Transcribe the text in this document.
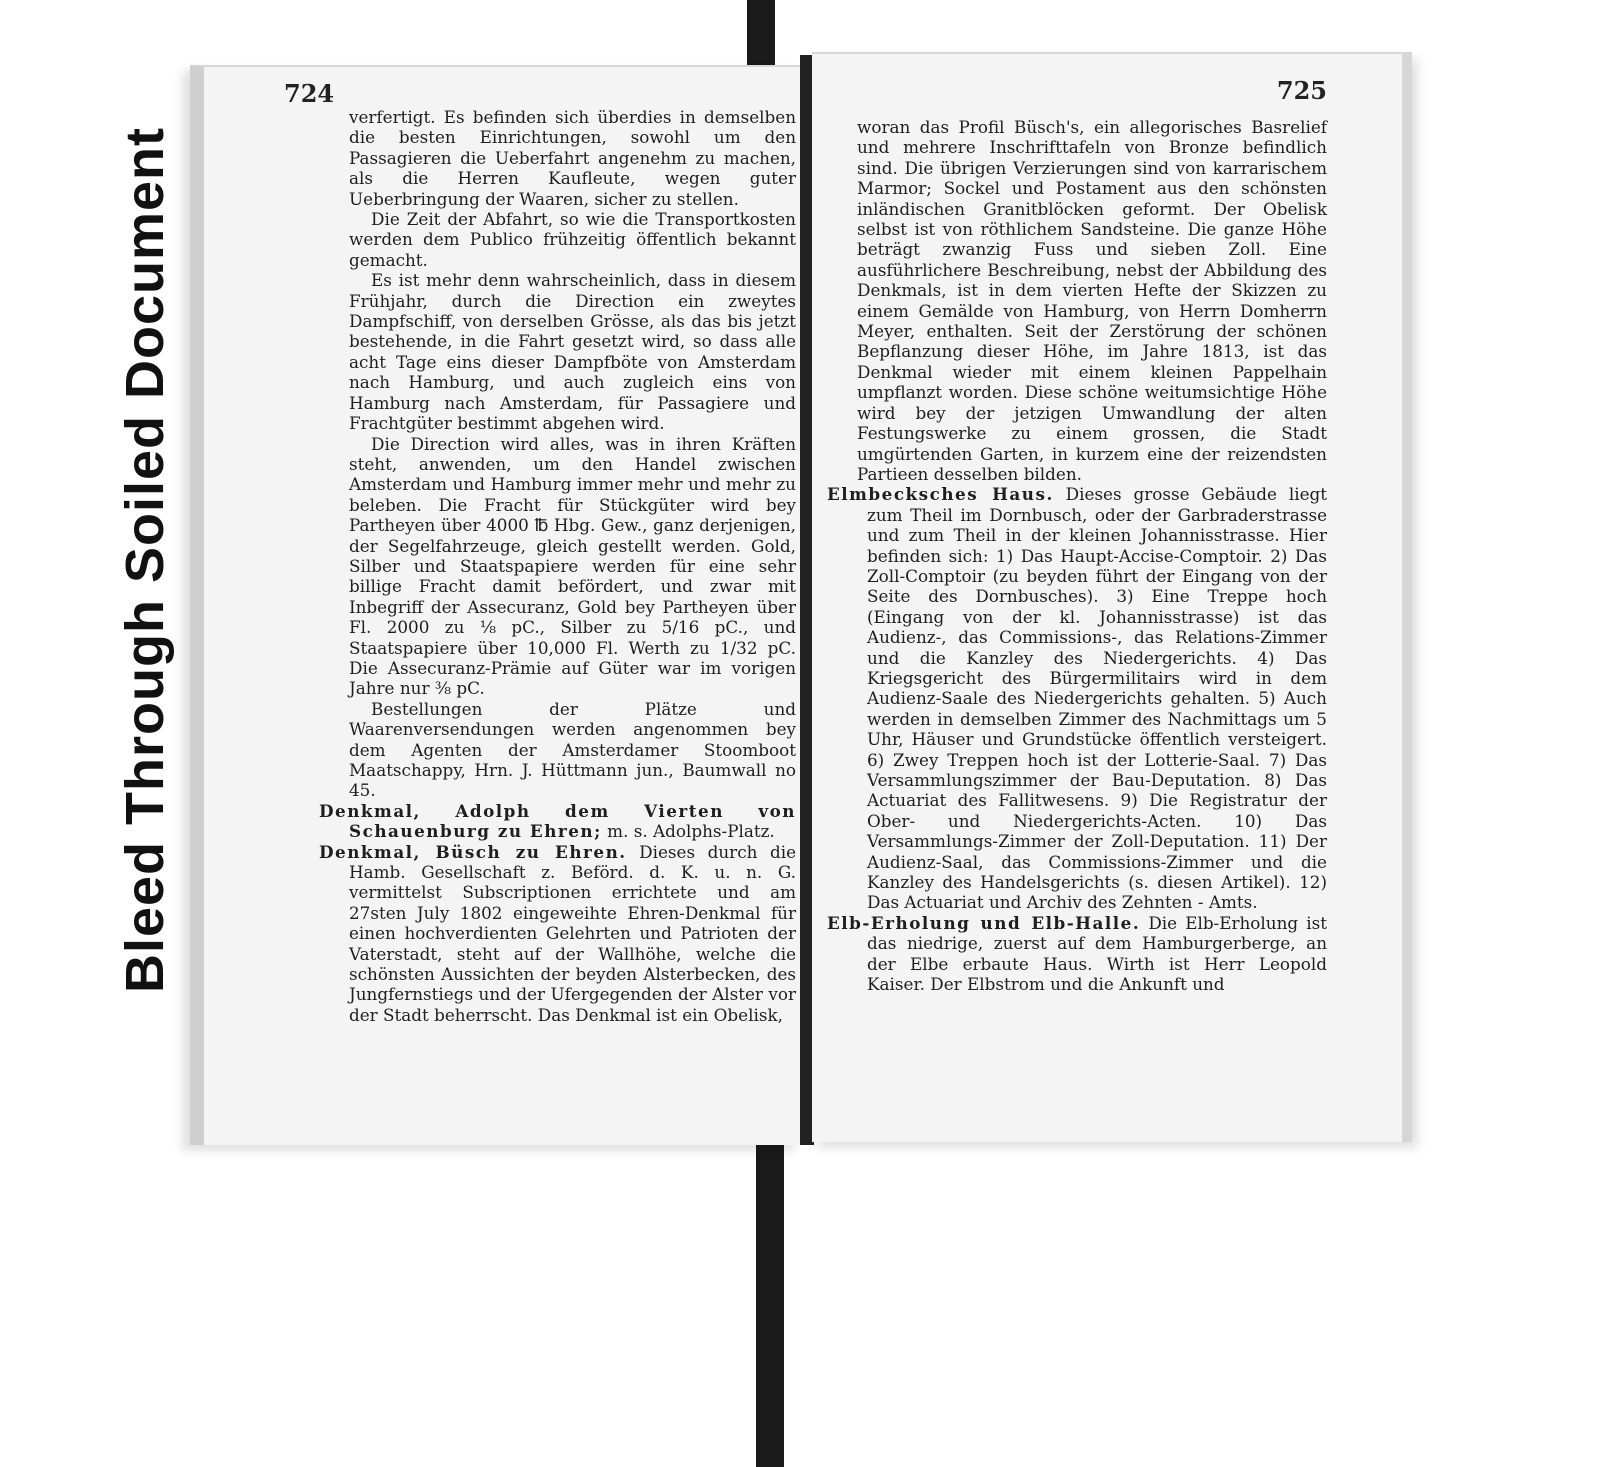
Bleed Through Soiled Document
724

verfertigt. Es befinden sich überdies in demselben die besten Einrichtungen, sowohl um den Passagieren die Ueberfahrt angenehm zu machen, als die Herren Kaufleute, wegen guter Ueberbringung der Waaren, sicher zu stellen.

Die Zeit der Abfahrt, so wie die Transportkosten werden dem Publico frühzeitig öffentlich bekannt gemacht.

Es ist mehr denn wahrscheinlich, dass in diesem Frühjahr, durch die Direction ein zweytes Dampfschiff, von derselben Grösse, als das bis jetzt bestehende, in die Fahrt gesetzt wird, so dass alle acht Tage eins dieser Dampfböte von Amsterdam nach Hamburg, und auch zugleich eins von Hamburg nach Amsterdam, für Passagiere und Frachtgüter bestimmt abgehen wird.

Die Direction wird alles, was in ihren Kräften steht, anwenden, um den Handel zwischen Amsterdam und Hamburg immer mehr und mehr zu beleben. Die Fracht für Stückgüter wird bey Partheyen über 4000 ℔ Hbg. Gew., ganz derjenigen, der Segelfahrzeuge, gleich gestellt werden. Gold, Silber und Staatspapiere werden für eine sehr billige Fracht damit befördert, und zwar mit Inbegriff der Assecuranz, Gold bey Partheyen über Fl. 2000 zu ⅛ pC., Silber zu 5/16 pC., und Staatspapiere über 10,000 Fl. Werth zu 1/32 pC. Die Assecuranz-Prämie auf Güter war im vorigen Jahre nur ⅜ pC.

Bestellungen der Plätze und Waarenversendungen werden angenommen bey dem Agenten der Amsterdamer Stoomboot Maatschappy, Hrn. J. Hüttmann jun., Baumwall no 45.

Denkmal, Adolph dem Vierten von Schauenburg zu Ehren; m. s. Adolphs-Platz.

Denkmal, Büsch zu Ehren. Dieses durch die Hamb. Gesellschaft z. Beförd. d. K. u. n. G. vermittelst Subscriptionen errichtete und am 27sten July 1802 eingeweihte Ehren-Denkmal für einen hochverdienten Gelehrten und Patrioten der Vaterstadt, steht auf der Wallhöhe, welche die schönsten Aussichten der beyden Alsterbecken, des Jungfernstiegs und der Ufergegenden der Alster vor der Stadt beherrscht. Das Denkmal ist ein Obelisk,

725

woran das Profil Büsch's, ein allegorisches Basrelief und mehrere Inschrifttafeln von Bronze befindlich sind. Die übrigen Verzierungen sind von karrarischem Marmor; Sockel und Postament aus den schönsten inländischen Granitblöcken geformt. Der Obelisk selbst ist von röthlichem Sandsteine. Die ganze Höhe beträgt zwanzig Fuss und sieben Zoll. Eine ausführlichere Beschreibung, nebst der Abbildung des Denkmals, ist in dem vierten Hefte der Skizzen zu einem Gemälde von Hamburg, von Herrn Domherrn Meyer, enthalten. Seit der Zerstörung der schönen Bepflanzung dieser Höhe, im Jahre 1813, ist das Denkmal wieder mit einem kleinen Pappelhain umpflanzt worden. Diese schöne weitumsichtige Höhe wird bey der jetzigen Umwandlung der alten Festungswerke zu einem grossen, die Stadt umgürtenden Garten, in kurzem eine der reizendsten Partieen desselben bilden.

Elmbecksches Haus. Dieses grosse Gebäude liegt zum Theil im Dornbusch, oder der Garbraderstrasse und zum Theil in der kleinen Johannisstrasse. Hier befinden sich: 1) Das Haupt-Accise-Comptoir. 2) Das Zoll-Comptoir (zu beyden führt der Eingang von der Seite des Dornbusches). 3) Eine Treppe hoch (Eingang von der kl. Johannisstrasse) ist das Audienz-, das Commissions-, das Relations-Zimmer und die Kanzley des Niedergerichts. 4) Das Kriegsgericht des Bürgermilitairs wird in dem Audienz-Saale des Niedergerichts gehalten. 5) Auch werden in demselben Zimmer des Nachmittags um 5 Uhr, Häuser und Grundstücke öffentlich versteigert. 6) Zwey Treppen hoch ist der Lotterie-Saal. 7) Das Versammlungszimmer der Bau-Deputation. 8) Das Actuariat des Fallitwesens. 9) Die Registratur der Ober- und Niedergerichts-Acten. 10) Das Versammlungs-Zimmer der Zoll-Deputation. 11) Der Audienz-Saal, das Commissions-Zimmer und die Kanzley des Handelsgerichts (s. diesen Artikel). 12) Das Actuariat und Archiv des Zehnten - Amts.

Elb-Erholung und Elb-Halle. Die Elb-Erholung ist das niedrige, zuerst auf dem Hamburgerberge, an der Elbe erbaute Haus. Wirth ist Herr Leopold Kaiser. Der Elbstrom und die Ankunft und
